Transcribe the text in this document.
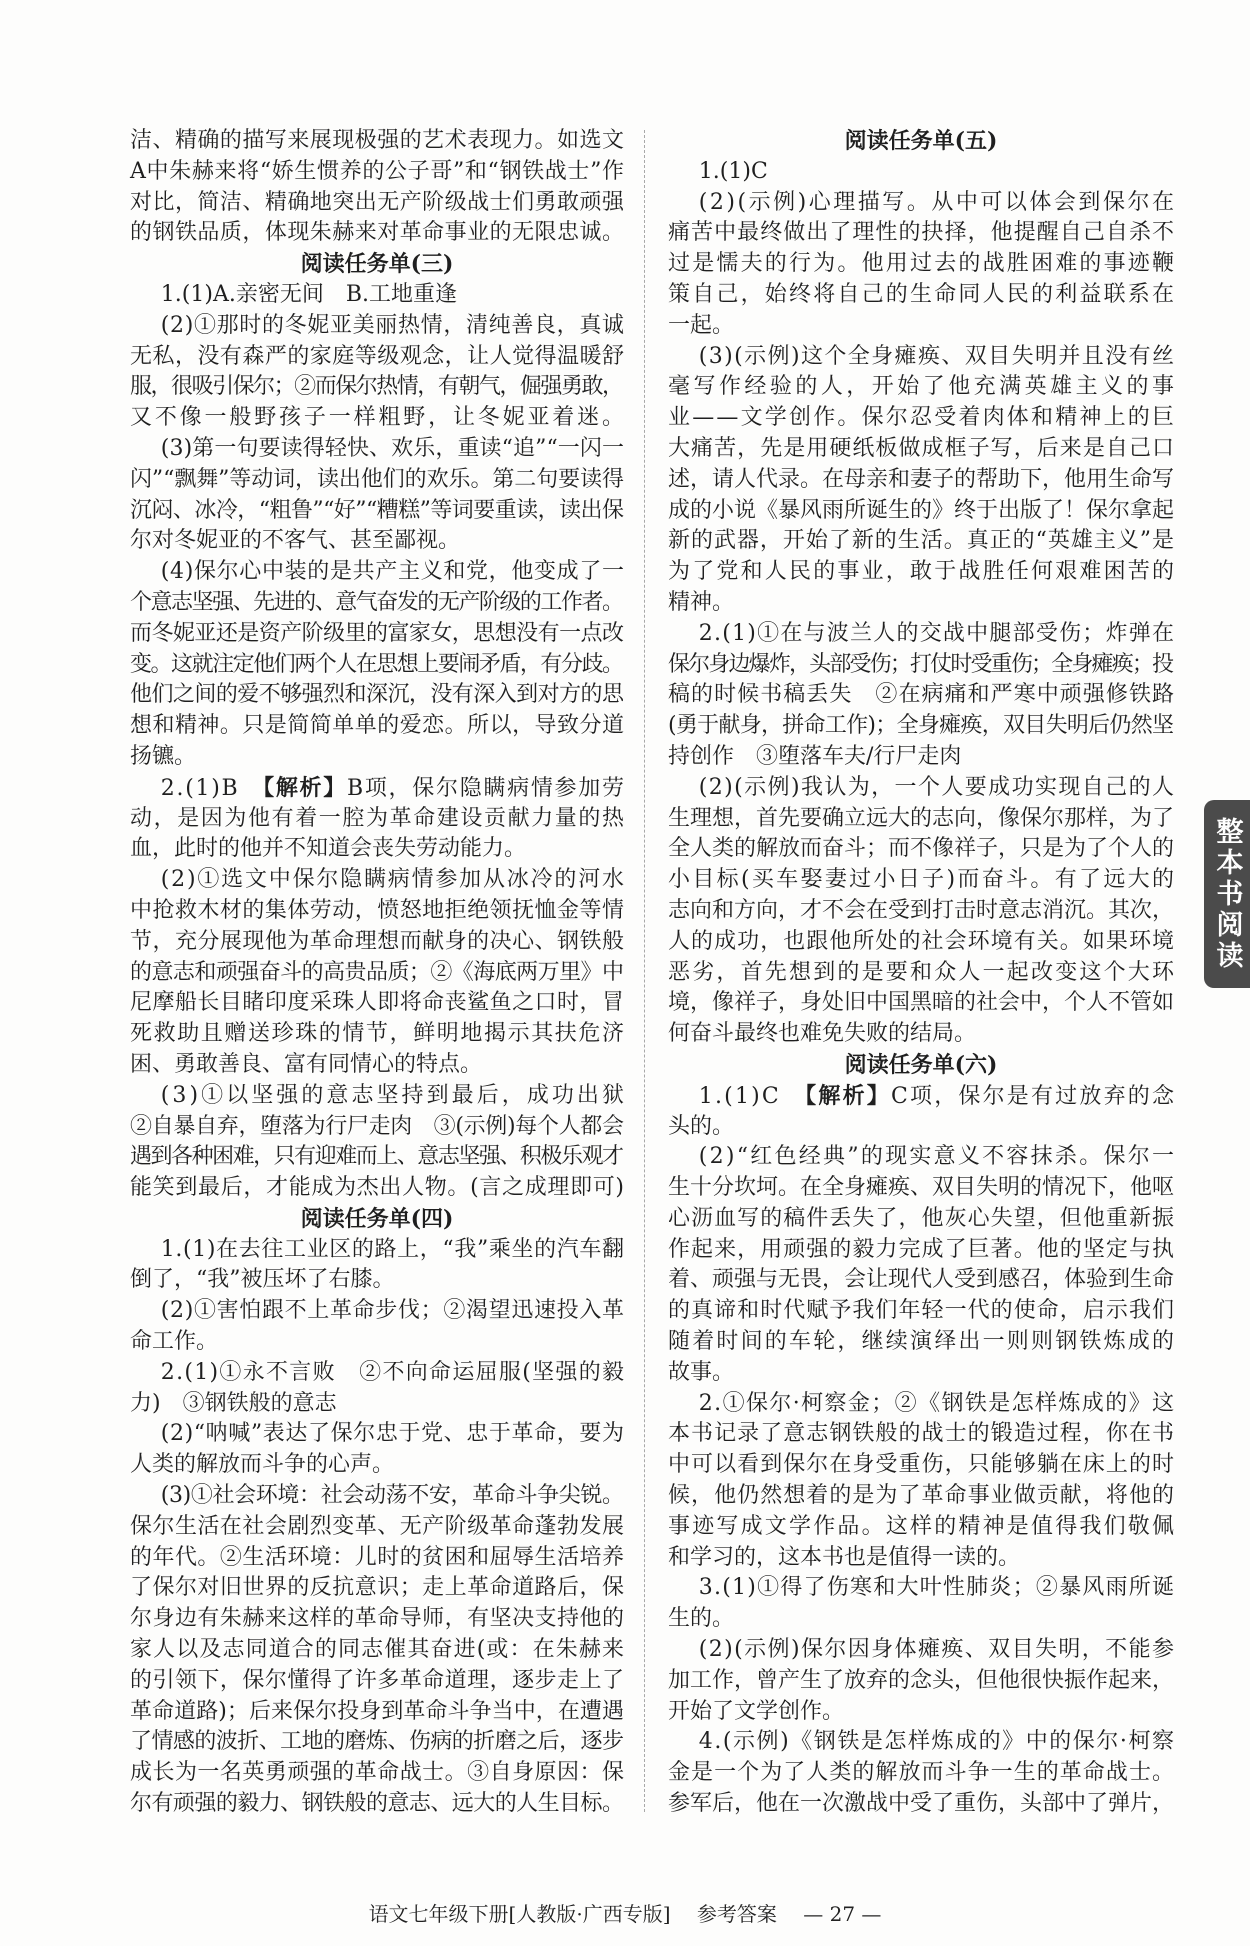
洁、精确的描写来展现极强的艺术表现力。如选文
A中朱赫来将“娇生惯养的公子哥”和“钢铁战士”作
对比，简洁、精确地突出无产阶级战士们勇敢顽强
的钢铁品质，体现朱赫来对革命事业的无限忠诚。
阅读任务单(三)
1.(1)A.亲密无间　B.工地重逢
(2)①那时的冬妮亚美丽热情，清纯善良，真诚
无私，没有森严的家庭等级观念，让人觉得温暖舒
服，很吸引保尔；②而保尔热情，有朝气，倔强勇敢，
又不像一般野孩子一样粗野，让冬妮亚着迷。
(3)第一句要读得轻快、欢乐，重读“追”“一闪一
闪”“飘舞”等动词，读出他们的欢乐。第二句要读得
沉闷、冰冷，“粗鲁”“好”“糟糕”等词要重读，读出保
尔对冬妮亚的不客气、甚至鄙视。
(4)保尔心中装的是共产主义和党，他变成了一
个意志坚强、先进的、意气奋发的无产阶级的工作者。
而冬妮亚还是资产阶级里的富家女，思想没有一点改
变。这就注定他们两个人在思想上要闹矛盾，有分歧。
他们之间的爱不够强烈和深沉，没有深入到对方的思
想和精神。只是简简单单的爱恋。所以，导致分道
扬镳。
2.(1)B　【解析】B项，保尔隐瞒病情参加劳
动，是因为他有着一腔为革命建设贡献力量的热
血，此时的他并不知道会丧失劳动能力。
(2)①选文中保尔隐瞒病情参加从冰冷的河水
中抢救木材的集体劳动，愤怒地拒绝领抚恤金等情
节，充分展现他为革命理想而献身的决心、钢铁般
的意志和顽强奋斗的高贵品质；②《海底两万里》中
尼摩船长目睹印度采珠人即将命丧鲨鱼之口时，冒
死救助且赠送珍珠的情节，鲜明地揭示其扶危济
困、勇敢善良、富有同情心的特点。
(3)①以坚强的意志坚持到最后，成功出狱
②自暴自弃，堕落为行尸走肉　③(示例)每个人都会
遇到各种困难，只有迎难而上、意志坚强、积极乐观才
能笑到最后，才能成为杰出人物。(言之成理即可)
阅读任务单(四)
1.(1)在去往工业区的路上，“我”乘坐的汽车翻
倒了，“我”被压坏了右膝。
(2)①害怕跟不上革命步伐；②渴望迅速投入革
命工作。
2.(1)①永不言败　②不向命运屈服(坚强的毅
力)　③钢铁般的意志
(2)“呐喊”表达了保尔忠于党、忠于革命，要为
人类的解放而斗争的心声。
(3)①社会环境：社会动荡不安，革命斗争尖锐。
保尔生活在社会剧烈变革、无产阶级革命蓬勃发展
的年代。②生活环境：儿时的贫困和屈辱生活培养
了保尔对旧世界的反抗意识；走上革命道路后，保
尔身边有朱赫来这样的革命导师，有坚决支持他的
家人以及志同道合的同志催其奋进(或：在朱赫来
的引领下，保尔懂得了许多革命道理，逐步走上了
革命道路)；后来保尔投身到革命斗争当中，在遭遇
了情感的波折、工地的磨炼、伤病的折磨之后，逐步
成长为一名英勇顽强的革命战士。③自身原因：保
尔有顽强的毅力、钢铁般的意志、远大的人生目标。
阅读任务单(五)
1.(1)C
(2)(示例)心理描写。从中可以体会到保尔在
痛苦中最终做出了理性的抉择，他提醒自己自杀不
过是懦夫的行为。他用过去的战胜困难的事迹鞭
策自己，始终将自己的生命同人民的利益联系在
一起。
(3)(示例)这个全身瘫痪、双目失明并且没有丝
毫写作经验的人，开始了他充满英雄主义的事
业——文学创作。保尔忍受着肉体和精神上的巨
大痛苦，先是用硬纸板做成框子写，后来是自己口
述，请人代录。在母亲和妻子的帮助下，他用生命写
成的小说《暴风雨所诞生的》终于出版了！保尔拿起
新的武器，开始了新的生活。真正的“英雄主义”是
为了党和人民的事业，敢于战胜任何艰难困苦的
精神。
2.(1)①在与波兰人的交战中腿部受伤；炸弹在
保尔身边爆炸，头部受伤；打仗时受重伤；全身瘫痪；投
稿的时候书稿丢失　②在病痛和严寒中顽强修铁路
(勇于献身，拼命工作)；全身瘫痪，双目失明后仍然坚
持创作　③堕落车夫/行尸走肉
(2)(示例)我认为，一个人要成功实现自己的人
生理想，首先要确立远大的志向，像保尔那样，为了
全人类的解放而奋斗；而不像祥子，只是为了个人的
小目标(买车娶妻过小日子)而奋斗。有了远大的
志向和方向，才不会在受到打击时意志消沉。其次，
人的成功，也跟他所处的社会环境有关。如果环境
恶劣，首先想到的是要和众人一起改变这个大环
境，像祥子，身处旧中国黑暗的社会中，个人不管如
何奋斗最终也难免失败的结局。
阅读任务单(六)
1.(1)C　【解析】C项，保尔是有过放弃的念
头的。
(2)“红色经典”的现实意义不容抹杀。保尔一
生十分坎坷。在全身瘫痪、双目失明的情况下，他呕
心沥血写的稿件丢失了，他灰心失望，但他重新振
作起来，用顽强的毅力完成了巨著。他的坚定与执
着、顽强与无畏，会让现代人受到感召，体验到生命
的真谛和时代赋予我们年轻一代的使命，启示我们
随着时间的车轮，继续演绎出一则则钢铁炼成的
故事。
2.①保尔·柯察金；②《钢铁是怎样炼成的》这
本书记录了意志钢铁般的战士的锻造过程，你在书
中可以看到保尔在身受重伤，只能够躺在床上的时
候，他仍然想着的是为了革命事业做贡献，将他的
事迹写成文学作品。这样的精神是值得我们敬佩
和学习的，这本书也是值得一读的。
3.(1)①得了伤寒和大叶性肺炎；②暴风雨所诞
生的。
(2)(示例)保尔因身体瘫痪、双目失明，不能参
加工作，曾产生了放弃的念头，但他很快振作起来，
开始了文学创作。
4.(示例)《钢铁是怎样炼成的》中的保尔·柯察
金是一个为了人类的解放而斗争一生的革命战士。
参军后，他在一次激战中受了重伤，头部中了弹片，
整本书阅读
语文七年级下册[人教版·广西专版] 参考答案 — 27 —
